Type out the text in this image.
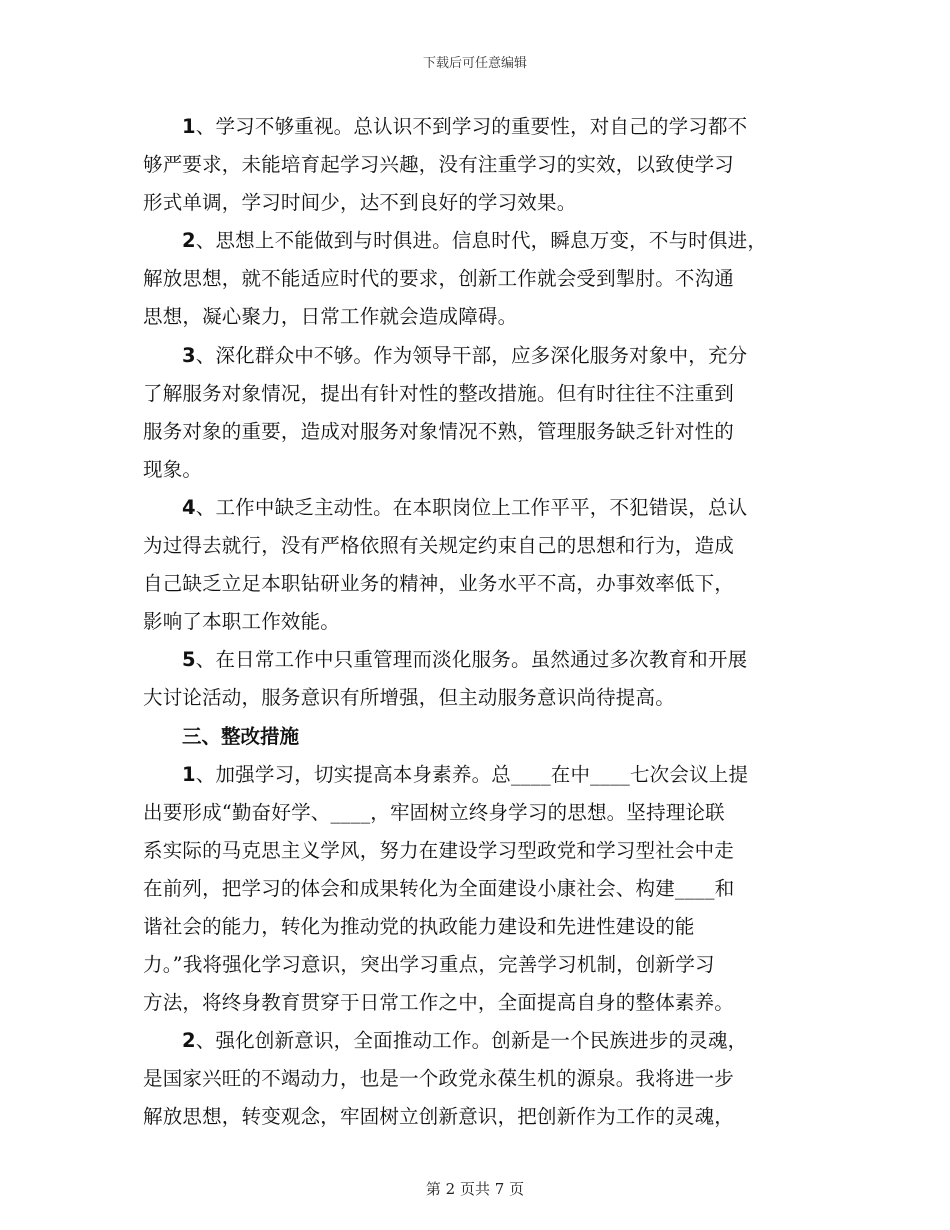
下载后可任意编辑

1、学习不够重视。总认识不到学习的重要性，对自己的学习都不
够严要求，未能培育起学习兴趣，没有注重学习的实效，以致使学习
形式单调，学习时间少，达不到良好的学习效果。

2、思想上不能做到与时俱进。信息时代，瞬息万变，不与时俱进，
解放思想，就不能适应时代的要求，创新工作就会受到掣肘。不沟通
思想，凝心聚力，日常工作就会造成障碍。

3、深化群众中不够。作为领导干部，应多深化服务对象中，充分
了解服务对象情况，提出有针对性的整改措施。但有时往往不注重到
服务对象的重要，造成对服务对象情况不熟，管理服务缺乏针对性的
现象。

4、工作中缺乏主动性。在本职岗位上工作平平，不犯错误，总认
为过得去就行，没有严格依照有关规定约束自己的思想和行为，造成
自己缺乏立足本职钻研业务的精神，业务水平不高，办事效率低下，
影响了本职工作效能。

5、在日常工作中只重管理而淡化服务。虽然通过多次教育和开展
大讨论活动，服务意识有所增强，但主动服务意识尚待提高。

三、整改措施

1、加强学习，切实提高本身素养。总____在中____七次会议上提
出要形成“勤奋好学、____，牢固树立终身学习的思想。坚持理论联
系实际的马克思主义学风，努力在建设学习型政党和学习型社会中走
在前列，把学习的体会和成果转化为全面建设小康社会、构建____和
谐社会的能力，转化为推动党的执政能力建设和先进性建设的能
力。”我将强化学习意识，突出学习重点，完善学习机制，创新学习
方法，将终身教育贯穿于日常工作之中，全面提高自身的整体素养。

2、强化创新意识，全面推动工作。创新是一个民族进步的灵魂，
是国家兴旺的不竭动力，也是一个政党永葆生机的源泉。我将进一步
解放思想，转变观念，牢固树立创新意识，把创新作为工作的灵魂，

第 2 页共 7 页
